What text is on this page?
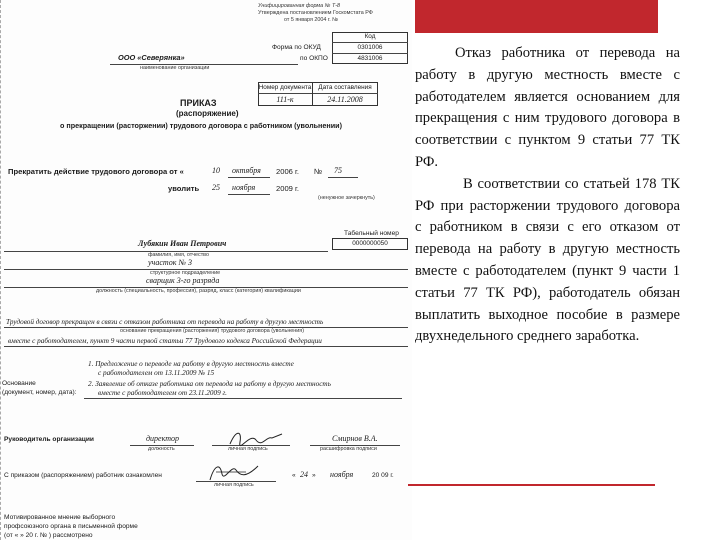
Унифицированная форма № Т-8
Утверждена постановлением Госкомстата РФ
от 5 января 2004 г. №
Код
Форма по ОКУД	0301006
по ОКПО	4831006
ООО «Северянка»
наименование организации
Номер документа	Дата составления
111-к	24.11.2008
ПРИКАЗ
(распоряжение)
о прекращении (расторжении) трудового договора с работником (увольнении)
Прекратить действие трудового договора от «	10 октября 2006 г. № 75
уволить 25 ноября	2009 г.
(ненужное зачеркнуть)
Табельный номер
0000000050
Лубякин Иван Петрович
фамилия, имя, отчество
участок № 3
структурное подразделение
сварщик 3-го разряда
должность (специальность, профессия), разряд, класс (категория) квалификации
Трудовой договор прекращен в связи с отказом работника от перевода на работу в другую местность
основание прекращения (расторжения) трудового договора (увольнения)
вместе с работодателем, пункт 9 части первой статьи 77 Трудового кодекса Российской Федерации
1. Предложение о переводе на работу в другую местность вместе
с работодателем от 13.11.2009 № 15
Основание
(документ, номер, дата):
2. Заявление об отказе работника от перевода на работу в другую местность
вместе с работодателем от 23.11.2009 г.
Руководитель организации	директор
должность	личная подпись
Смирнов В.А.
расшифровка подписи
С приказом (распоряжением) работник ознакомлен
личная подпись
« 24 » ноября	20 09 г.
Мотивированное мнение выборного
профсоюзного органа в письменной форме
(от « » 20 г. № ) рассмотрено

Отказ работника от перевода на работу в другую местность вместе с работодателем является основанием для прекращения с ним трудового договора в соответствии с пунктом 9 статьи 77 ТК РФ.

В соответствии со статьей 178 ТК РФ при расторжении трудового договора с работником в связи с его отказом от перевода на работу в другую местность вместе с работодателем (пункт 9 части 1 статьи 77 ТК РФ), работодатель обязан выплатить выходное пособие в размере двухнедельного среднего заработка.
